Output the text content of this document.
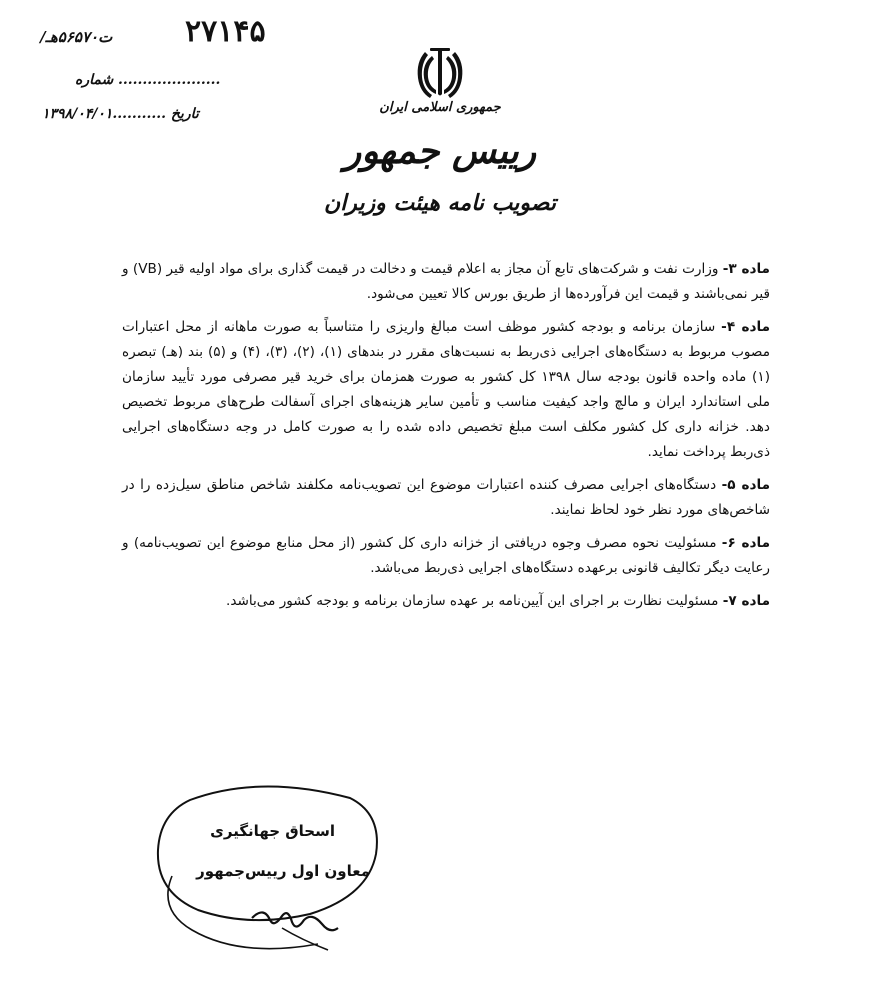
۲۷۱۴۵
/ت۵۶۵۷۰هـ
شماره .....................
تاریخ ...........۱۳۹۸/۰۴/۰۱	جمهوری اسلامی ایران
رییس جمهور
تصویب نامه هیئت وزیران

ماده ۳- وزارت نفت و شرکت‌های تابع آن مجاز به اعلام قیمت و دخالت در قیمت گذاری برای مواد اولیه قیر (VB) و قیر نمی‌باشند و قیمت این فرآورده‌ها از طریق بورس کالا تعیین می‌شود.

ماده ۴- سازمان برنامه و بودجه کشور موظف است مبالغ واریزی را متناسباً به صورت ماهانه از محل اعتبارات مصوب مربوط به دستگاه‌های اجرایی ذی‌ربط به نسبت‌های مقرر در بندهای (۱)، (۲)، (۳)، (۴) و (۵) بند (هـ) تبصره (۱) ماده واحده قانون بودجه سال ۱۳۹۸ کل کشور به صورت همزمان برای خرید قیر مصرفی مورد تأیید سازمان ملی استاندارد ایران و مالچ واجد کیفیت مناسب و تأمین سایر هزینه‌های اجرای آسفالت طرح‌های مربوط تخصیص دهد. خزانه داری کل کشور مکلف است مبلغ تخصیص داده شده را به صورت کامل در وجه دستگاه‌های اجرایی ذی‌ربط پرداخت نماید.

ماده ۵- دستگاه‌های اجرایی مصرف کننده اعتبارات موضوع این تصویب‌نامه مکلفند شاخص مناطق سیل‌زده را در شاخص‌های مورد نظر خود لحاظ نمایند.

ماده ۶- مسئولیت نحوه مصرف وجوه دریافتی از خزانه داری کل کشور (از محل منابع موضوع این تصویب‌نامه) و رعایت دیگر تکالیف قانونی برعهده دستگاه‌های اجرایی ذی‌ربط می‌باشد.

ماده ۷- مسئولیت نظارت بر اجرای این آیین‌نامه بر عهده سازمان برنامه و بودجه کشور می‌باشد.

اسحاق جهانگیری
معاون اول رییس‌جمهور
